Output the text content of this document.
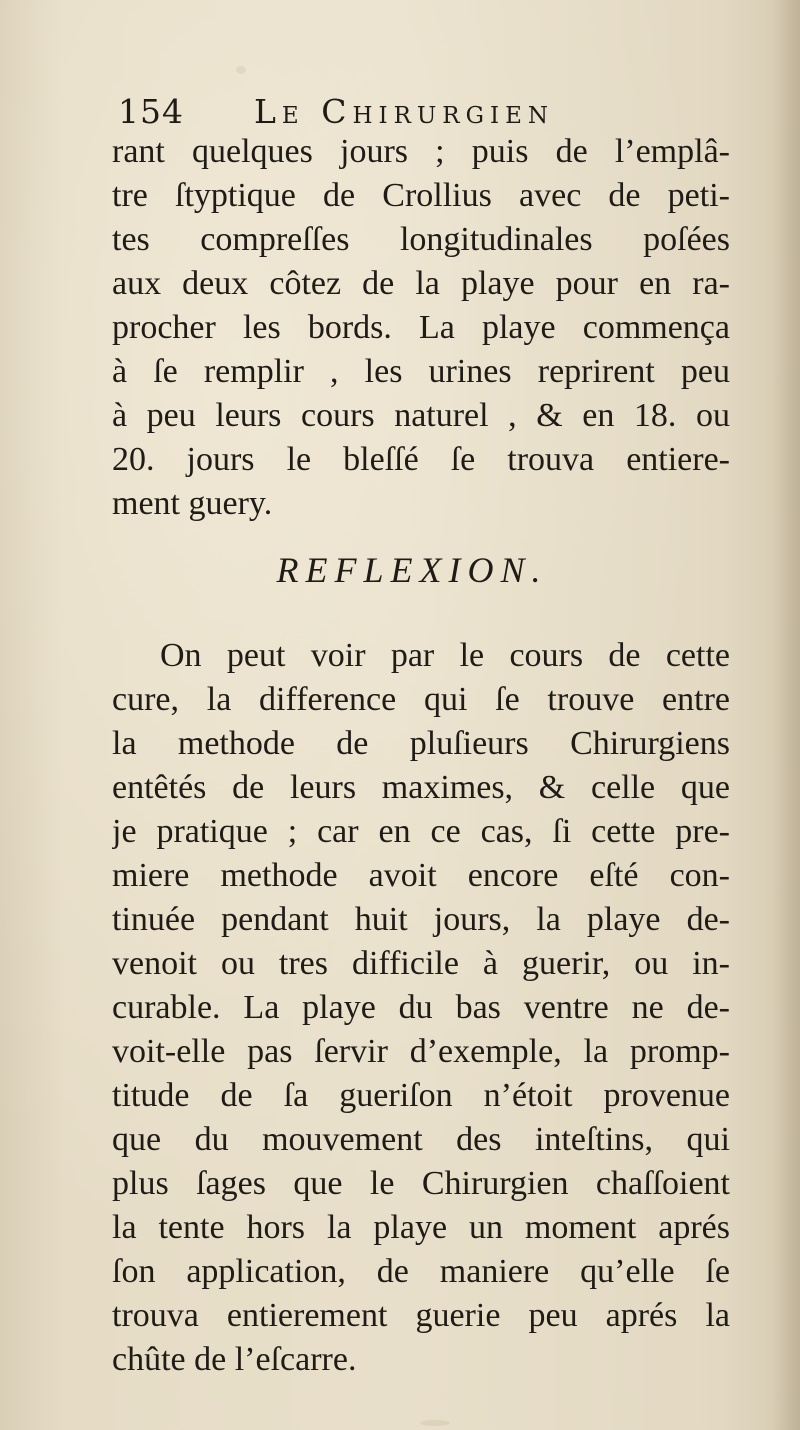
154 Le Chirurgien
rant quelques jours ; puis de l’emplâ-
tre ſtyptique de Crollius avec de peti-
tes compreſſes longitudinales poſées
aux deux côtez de la playe pour en ra-
procher les bords. La playe commença
à ſe remplir , les urines reprirent peu
à peu leurs cours naturel , & en 18. ou
20. jours le bleſſé ſe trouva entiere-
ment guery.
REFLEXION.
On peut voir par le cours de cette
cure, la difference qui ſe trouve entre
la methode de pluſieurs Chirurgiens
entêtés de leurs maximes, & celle que
je pratique ; car en ce cas, ſi cette pre-
miere methode avoit encore eſté con-
tinuée pendant huit jours, la playe de-
venoit ou tres difficile à guerir, ou in-
curable. La playe du bas ventre ne de-
voit-elle pas ſervir d’exemple, la promp-
titude de ſa gueriſon n’étoit provenue
que du mouvement des inteſtins, qui
plus ſages que le Chirurgien chaſſoient
la tente hors la playe un moment aprés
ſon application, de maniere qu’elle ſe
trouva entierement guerie peu aprés la
chûte de l’eſcarre.
